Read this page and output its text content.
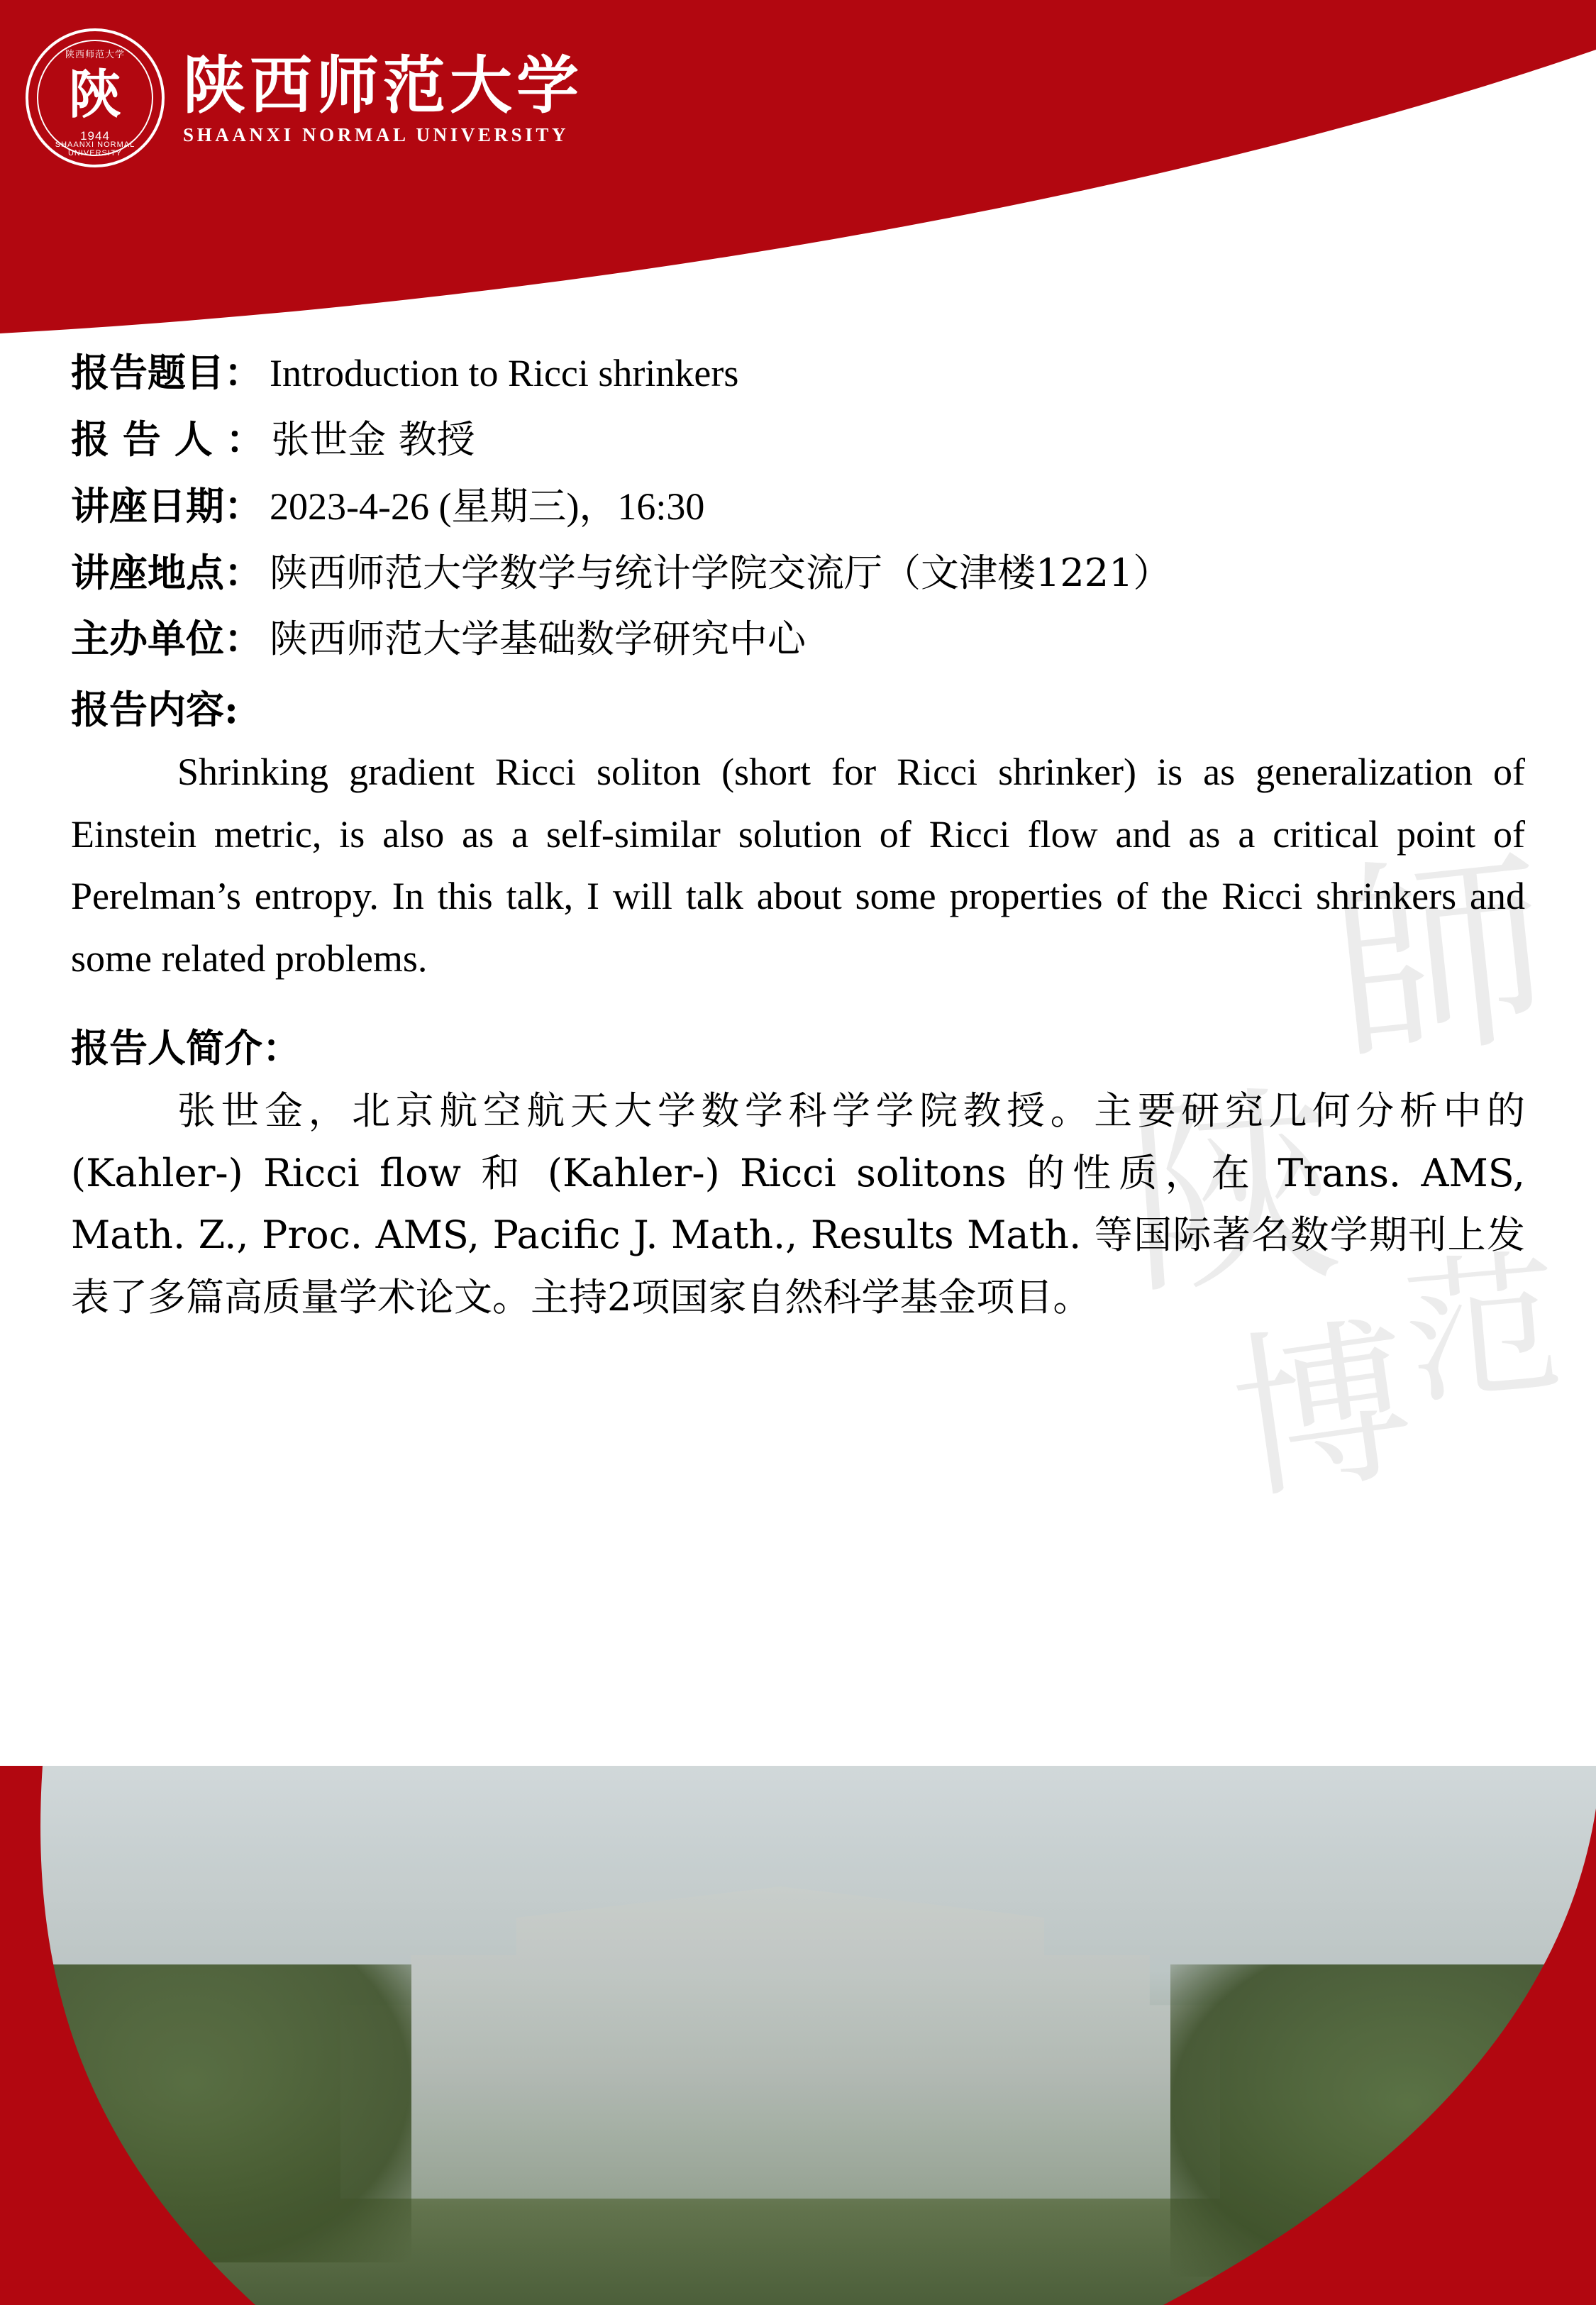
陕西师范大学
陝
1944
SHAANXI NORMAL UNIVERSITY
陕西师范大学
SHAANXI NORMAL UNIVERSITY
師
陝
博
范
报告题目： Introduction to Ricci shrinkers
报 告 人 ： 张世金 教授
讲座日期： 2023-4-26 (星期三)，16:30
讲座地点： 陕西师范大学数学与统计学院交流厅（文津楼1221）
主办单位： 陕西师范大学基础数学研究中心
报告内容:
Shrinking gradient Ricci soliton (short for Ricci shrinker) is as generalization of Einstein metric, is also as a self-similar solution of Ricci flow and as a critical point of Perelman’s entropy. In this talk, I will talk about some properties of the Ricci shrinkers and some related problems.
报告人简介：
张世金，北京航空航天大学数学科学学院教授。主要研究几何分析中的 (Kahler-) Ricci flow 和 (Kahler-) Ricci solitons 的性质，在 Trans. AMS, Math. Z., Proc. AMS, Pacific J. Math., Results Math. 等国际著名数学期刊上发表了多篇高质量学术论文。主持2项国家自然科学基金项目。
